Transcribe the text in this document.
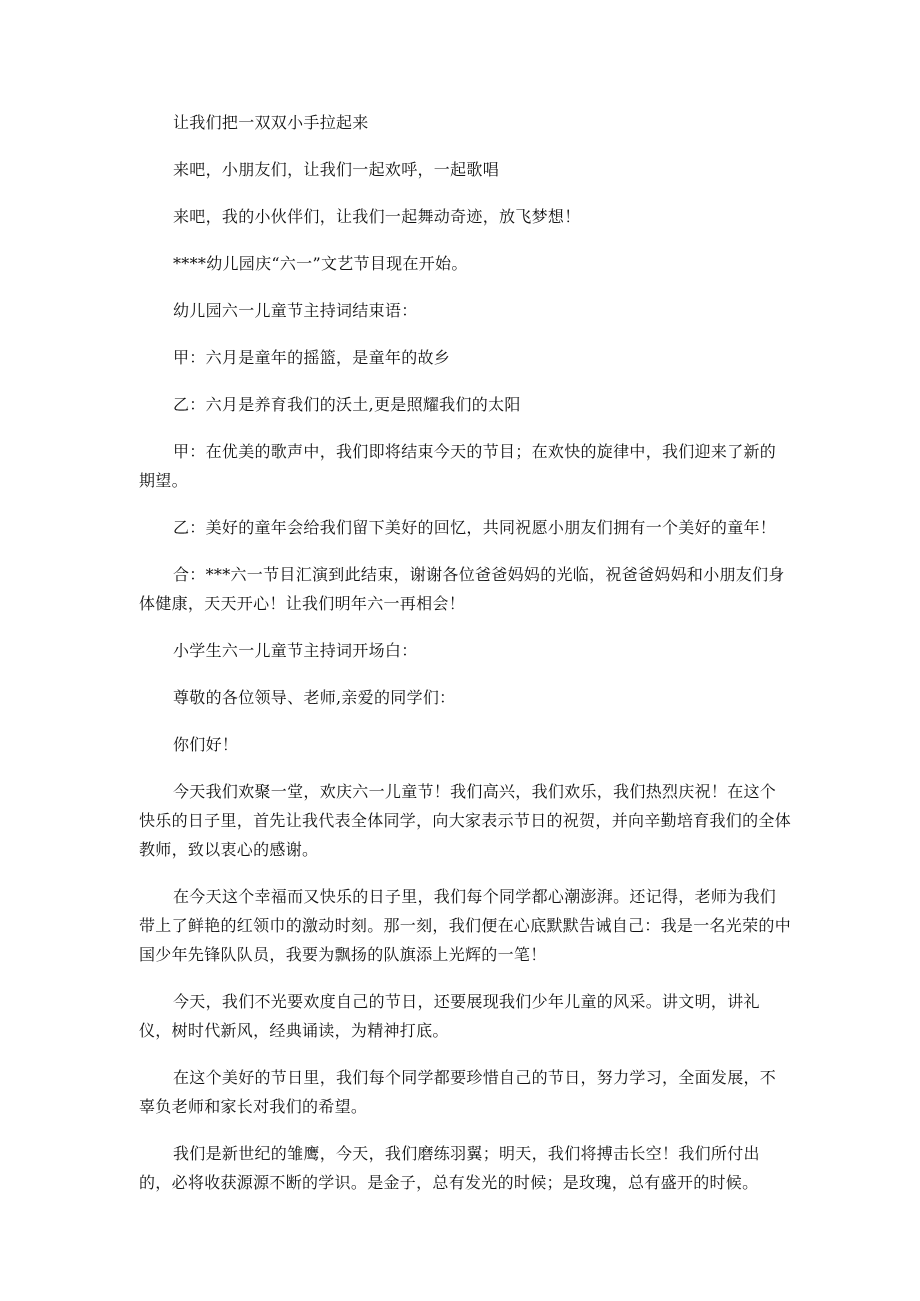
让我们把一双双小手拉起来

来吧，小朋友们，让我们一起欢呼，一起歌唱

来吧，我的小伙伴们，让我们一起舞动奇迹，放飞梦想！

****幼儿园庆“六一”文艺节目现在开始。

幼儿园六一儿童节主持词结束语：

甲：六月是童年的摇篮，是童年的故乡

乙：六月是养育我们的沃土,更是照耀我们的太阳

甲：在优美的歌声中，我们即将结束今天的节目；在欢快的旋律中，我们迎来了新的期望。

乙：美好的童年会给我们留下美好的回忆，共同祝愿小朋友们拥有一个美好的童年！

合：***六一节目汇演到此结束，谢谢各位爸爸妈妈的光临，祝爸爸妈妈和小朋友们身体健康，天天开心！让我们明年六一再相会！

小学生六一儿童节主持词开场白：

尊敬的各位领导、老师,亲爱的同学们：

你们好！

今天我们欢聚一堂，欢庆六一儿童节！我们高兴，我们欢乐，我们热烈庆祝！在这个快乐的日子里，首先让我代表全体同学，向大家表示节日的祝贺，并向辛勤培育我们的全体教师，致以衷心的感谢。

在今天这个幸福而又快乐的日子里，我们每个同学都心潮澎湃。还记得，老师为我们带上了鲜艳的红领巾的激动时刻。那一刻，我们便在心底默默告诫自己：我是一名光荣的中国少年先锋队队员，我要为飘扬的队旗添上光辉的一笔！

今天，我们不光要欢度自己的节日，还要展现我们少年儿童的风采。讲文明，讲礼仪，树时代新风，经典诵读，为精神打底。

在这个美好的节日里，我们每个同学都要珍惜自己的节日，努力学习，全面发展，不辜负老师和家长对我们的希望。

我们是新世纪的雏鹰，今天，我们磨练羽翼；明天，我们将搏击长空！我们所付出的，必将收获源源不断的学识。是金子，总有发光的时候；是玫瑰，总有盛开的时候。
